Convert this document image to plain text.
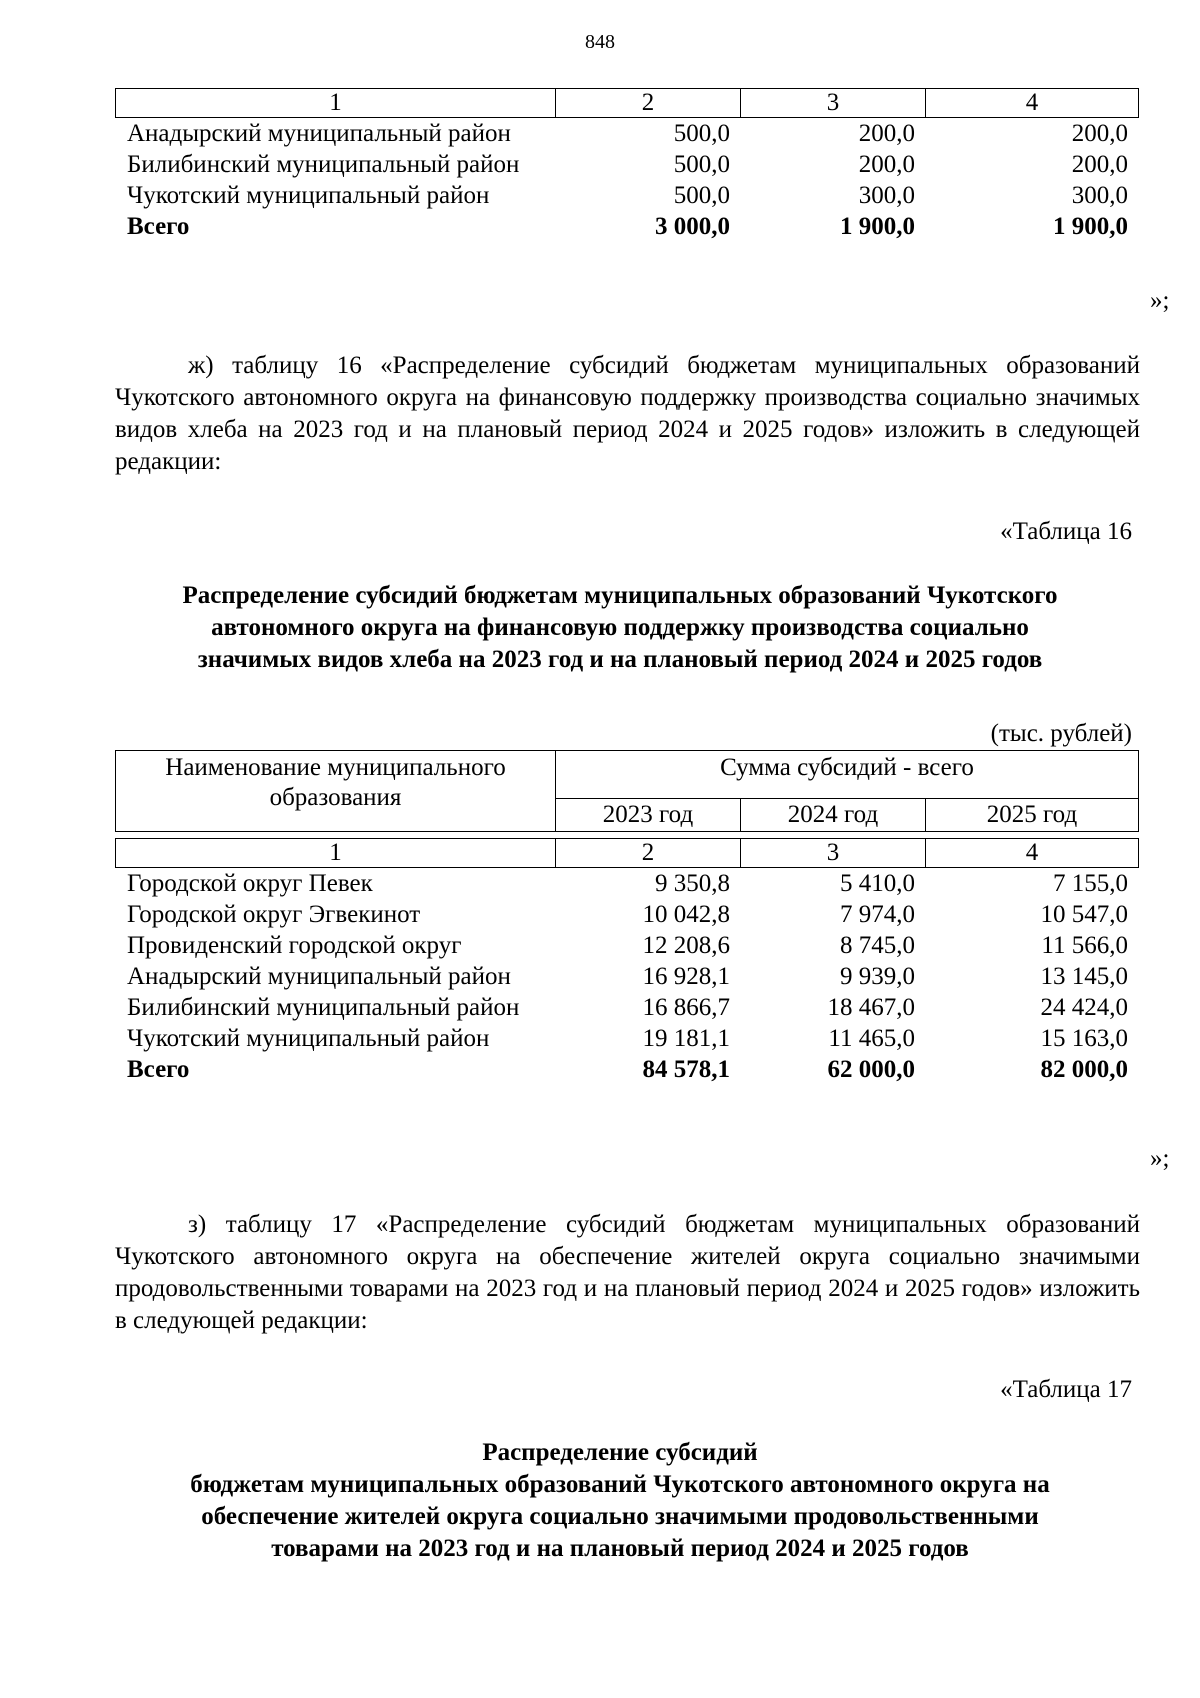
848
1	2	3	4
Анадырский муниципальный район	500,0	200,0	200,0
Билибинский муниципальный район	500,0	200,0	200,0
Чукотский муниципальный район	500,0	300,0	300,0
Всего	3 000,0	1 900,0	1 900,0
»;
ж) таблицу 16 «Распределение субсидий бюджетам муниципальных образований Чукотского автономного округа на финансовую поддержку производства социально значимых видов хлеба на 2023 год и на плановый период 2024 и 2025 годов» изложить в следующей редакции:
«Таблица 16
Распределение субсидий бюджетам муниципальных образований Чукотского
автономного округа на финансовую поддержку производства социально
значимых видов хлеба на 2023 год и на плановый период 2024 и 2025 годов
(тыс. рублей)
Наименование муниципального образования	Сумма субсидий - всего		
	2023 год	2024 год	2025 год
1	2	3	4
Городской округ Певек	9 350,8	5 410,0	7 155,0
Городской округ Эгвекинот	10 042,8	7 974,0	10 547,0
Провиденский городской округ	12 208,6	8 745,0	11 566,0
Анадырский муниципальный район	16 928,1	9 939,0	13 145,0
Билибинский муниципальный район	16 866,7	18 467,0	24 424,0
Чукотский муниципальный район	19 181,1	11 465,0	15 163,0
Всего	84 578,1	62 000,0	82 000,0
»;
з) таблицу 17 «Распределение субсидий бюджетам муниципальных образований Чукотского автономного округа на обеспечение жителей округа социально значимыми продовольственными товарами на 2023 год и на плановый период 2024 и 2025 годов» изложить в следующей редакции:
«Таблица 17
Распределение субсидий
бюджетам муниципальных образований Чукотского автономного округа на
обеспечение жителей округа социально значимыми продовольственными
товарами на 2023 год и на плановый период 2024 и 2025 годов
